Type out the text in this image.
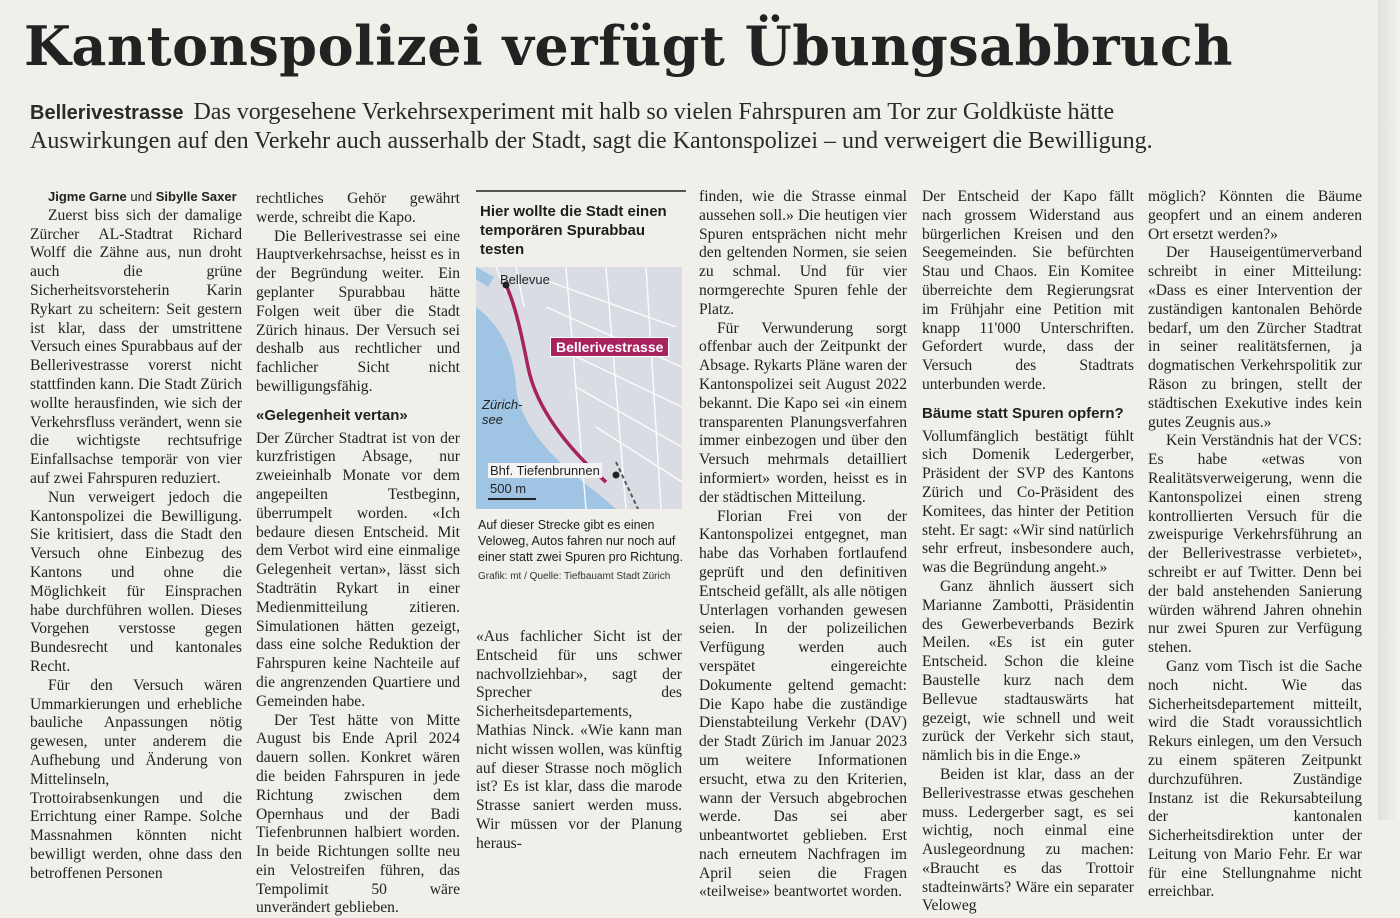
Kantonspolizei verfügt Übungsabbruch
Bellerivestrasse Das vorgesehene Verkehrsexperiment mit halb so vielen Fahrspuren am Tor zur Goldküste hätte Auswirkungen auf den Verkehr auch ausserhalb der Stadt, sagt die Kantonspolizei – und verweigert die Bewilligung.

Jigme Garne und Sibylle Saxer

Zuerst biss sich der damalige Zürcher AL-Stadtrat Richard Wolff die Zähne aus, nun droht auch die grüne Sicherheitsvorsteherin Karin Rykart zu scheitern: Seit gestern ist klar, dass der umstrittene Versuch eines Spurabbaus auf der Bellerivestrasse vorerst nicht stattfinden kann. Die Stadt Zürich wollte herausfinden, wie sich der Verkehrsfluss verändert, wenn sie die wichtigste rechtsufrige Einfallsachse temporär von vier auf zwei Fahrspuren reduziert.

Nun verweigert jedoch die Kantonspolizei die Bewilligung. Sie kritisiert, dass die Stadt den Versuch ohne Einbezug des Kantons und ohne die Möglichkeit für Einsprachen habe durchführen wollen. Dieses Vorgehen verstosse gegen Bundesrecht und kantonales Recht.

Für den Versuch wären Ummarkierungen und erhebliche bauliche Anpassungen nötig gewesen, unter anderem die Aufhebung und Änderung von Mittelinseln, Trottoirabsenkungen und die Errichtung einer Rampe. Solche Massnahmen könnten nicht bewilligt werden, ohne dass den betroffenen Personen

rechtliches Gehör gewährt werde, schreibt die Kapo.

Die Bellerivestrasse sei eine Hauptverkehrsachse, heisst es in der Begründung weiter. Ein geplanter Spurabbau hätte Folgen weit über die Stadt Zürich hinaus. Der Versuch sei deshalb aus rechtlicher und fachlicher Sicht nicht bewilligungsfähig.

«Gelegenheit vertan»

Der Zürcher Stadtrat ist von der kurzfristigen Absage, nur zweieinhalb Monate vor dem angepeilten Testbeginn, überrumpelt worden. «Ich bedaure diesen Entscheid. Mit dem Verbot wird eine einmalige Gelegenheit vertan», lässt sich Stadträtin Rykart in einer Medienmitteilung zitieren. Simulationen hätten gezeigt, dass eine solche Reduktion der Fahrspuren keine Nachteile auf die angrenzenden Quartiere und Gemeinden habe.

Der Test hätte von Mitte August bis Ende April 2024 dauern sollen. Konkret wären die beiden Fahrspuren in jede Richtung zwischen dem Opernhaus und der Badi Tiefenbrunnen halbiert worden. In beide Richtungen sollte neu ein Velostreifen führen, das Tempolimit 50 wäre unverändert geblieben.

Hier wollte die Stadt einen temporären Spurabbau testen
Bellevue
Bellerivestrasse
Zürich-
see
Bhf. Tiefenbrunnen
500 m
Auf dieser Strecke gibt es einen Veloweg, Autos fahren nur noch auf einer statt zwei Spuren pro Richtung.
Grafik: mt / Quelle: Tiefbauamt Stadt Zürich

«Aus fachlicher Sicht ist der Entscheid für uns schwer nachvollziehbar», sagt der Sprecher des Sicherheitsdepartements, Mathias Ninck. «Wie kann man nicht wissen wollen, was künftig auf dieser Strasse noch möglich ist? Es ist klar, dass die marode Strasse saniert werden muss. Wir müssen vor der Planung heraus-

finden, wie die Strasse einmal aussehen soll.» Die heutigen vier Spuren entsprächen nicht mehr den geltenden Normen, sie seien zu schmal. Und für vier normgerechte Spuren fehle der Platz.

Für Verwunderung sorgt offenbar auch der Zeitpunkt der Absage. Rykarts Pläne waren der Kantonspolizei seit August 2022 bekannt. Die Kapo sei «in einem transparenten Planungsverfahren immer einbezogen und über den Versuch mehrmals detailliert informiert» worden, heisst es in der städtischen Mitteilung.

Florian Frei von der Kantonspolizei entgegnet, man habe das Vorhaben fortlaufend geprüft und den definitiven Entscheid gefällt, als alle nötigen Unterlagen vorhanden gewesen seien. In der polizeilichen Verfügung werden auch verspätet eingereichte Dokumente geltend gemacht: Die Kapo habe die zuständige Dienstabteilung Verkehr (DAV) der Stadt Zürich im Januar 2023 um weitere Informationen ersucht, etwa zu den Kriterien, wann der Versuch abgebrochen werde. Das sei aber unbeantwortet geblieben. Erst nach erneutem Nachfragen im April seien die Fragen «teilweise» beantwortet worden.

Der Entscheid der Kapo fällt nach grossem Widerstand aus bürgerlichen Kreisen und den Seegemeinden. Sie befürchten Stau und Chaos. Ein Komitee überreichte dem Regierungsrat im Frühjahr eine Petition mit knapp 11'000 Unterschriften. Gefordert wurde, dass der Versuch des Stadtrats unterbunden werde.

Bäume statt Spuren opfern?

Vollumfänglich bestätigt fühlt sich Domenik Ledergerber, Präsident der SVP des Kantons Zürich und Co-Präsident des Komitees, das hinter der Petition steht. Er sagt: «Wir sind natürlich sehr erfreut, insbesondere auch, was die Begründung angeht.»

Ganz ähnlich äussert sich Marianne Zambotti, Präsidentin des Gewerbeverbands Bezirk Meilen. «Es ist ein guter Entscheid. Schon die kleine Baustelle kurz nach dem Bellevue stadtauswärts hat gezeigt, wie schnell und weit zurück der Verkehr sich staut, nämlich bis in die Enge.»

Beiden ist klar, dass an der Bellerivestrasse etwas geschehen muss. Ledergerber sagt, es sei wichtig, noch einmal eine Auslegeordnung zu machen: «Braucht es das Trottoir stadteinwärts? Wäre ein separater Veloweg

möglich? Könnten die Bäume geopfert und an einem anderen Ort ersetzt werden?»

Der Hauseigentümerverband schreibt in einer Mitteilung: «Dass es einer Intervention der zuständigen kantonalen Behörde bedarf, um den Zürcher Stadtrat in seiner realitätsfernen, ja dogmatischen Verkehrspolitik zur Räson zu bringen, stellt der städtischen Exekutive indes kein gutes Zeugnis aus.»

Kein Verständnis hat der VCS: Es habe «etwas von Realitätsverweigerung, wenn die Kantonspolizei einen streng kontrollierten Versuch für die zweispurige Verkehrsführung an der Bellerivestrasse verbietet», schreibt er auf Twitter. Denn bei der bald anstehenden Sanierung würden während Jahren ohnehin nur zwei Spuren zur Verfügung stehen.

Ganz vom Tisch ist die Sache noch nicht. Wie das Sicherheitsdepartement mitteilt, wird die Stadt voraussichtlich Rekurs einlegen, um den Versuch zu einem späteren Zeitpunkt durchzuführen. Zuständige Instanz ist die Rekursabteilung der kantonalen Sicherheitsdirektion unter der Leitung von Mario Fehr. Er war für eine Stellungnahme nicht erreichbar.
